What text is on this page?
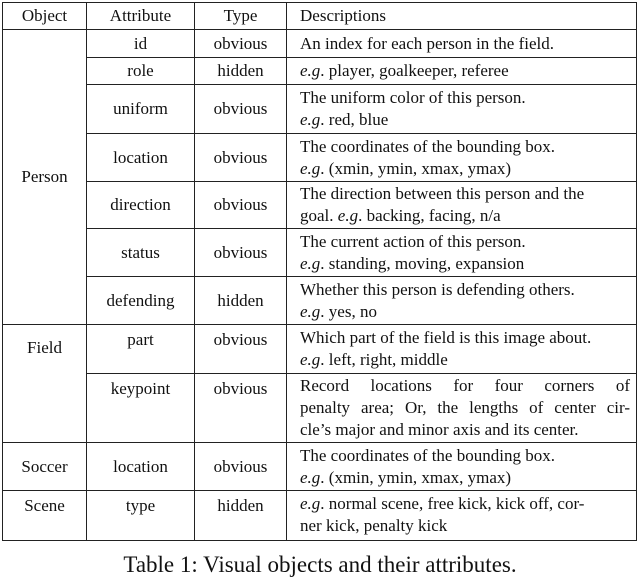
Object	Attribute	Type	Descriptions
Person	id	obvious	An index for each person in the field.
	role	hidden	e.g. player, goalkeeper, referee
	uniform	obvious	The uniform color of this person.
e.g. red, blue

	location	obvious	The coordinates of the bounding box.
e.g. (xmin, ymin, xmax, ymax)

	direction	obvious	The direction between this person and the
goal. e.g. backing, facing, n/a

	status	obvious	The current action of this person.
e.g. standing, moving, expansion

	defending	hidden	Whether this person is defending others.
e.g. yes, no

Field	part	obvious	Which part of the field is this image about.
e.g. left, right, middle

	keypoint	obvious	Record locations for four corners of
penalty area; Or, the lengths of center cir-
cle’s major and minor axis and its center.

Soccer	location	obvious	The coordinates of the bounding box.
e.g. (xmin, ymin, xmax, ymax)

Scene	type	hidden	e.g. normal scene, free kick, kick off, cor-
ner kick, penalty kick
Table 1: Visual objects and their attributes.
